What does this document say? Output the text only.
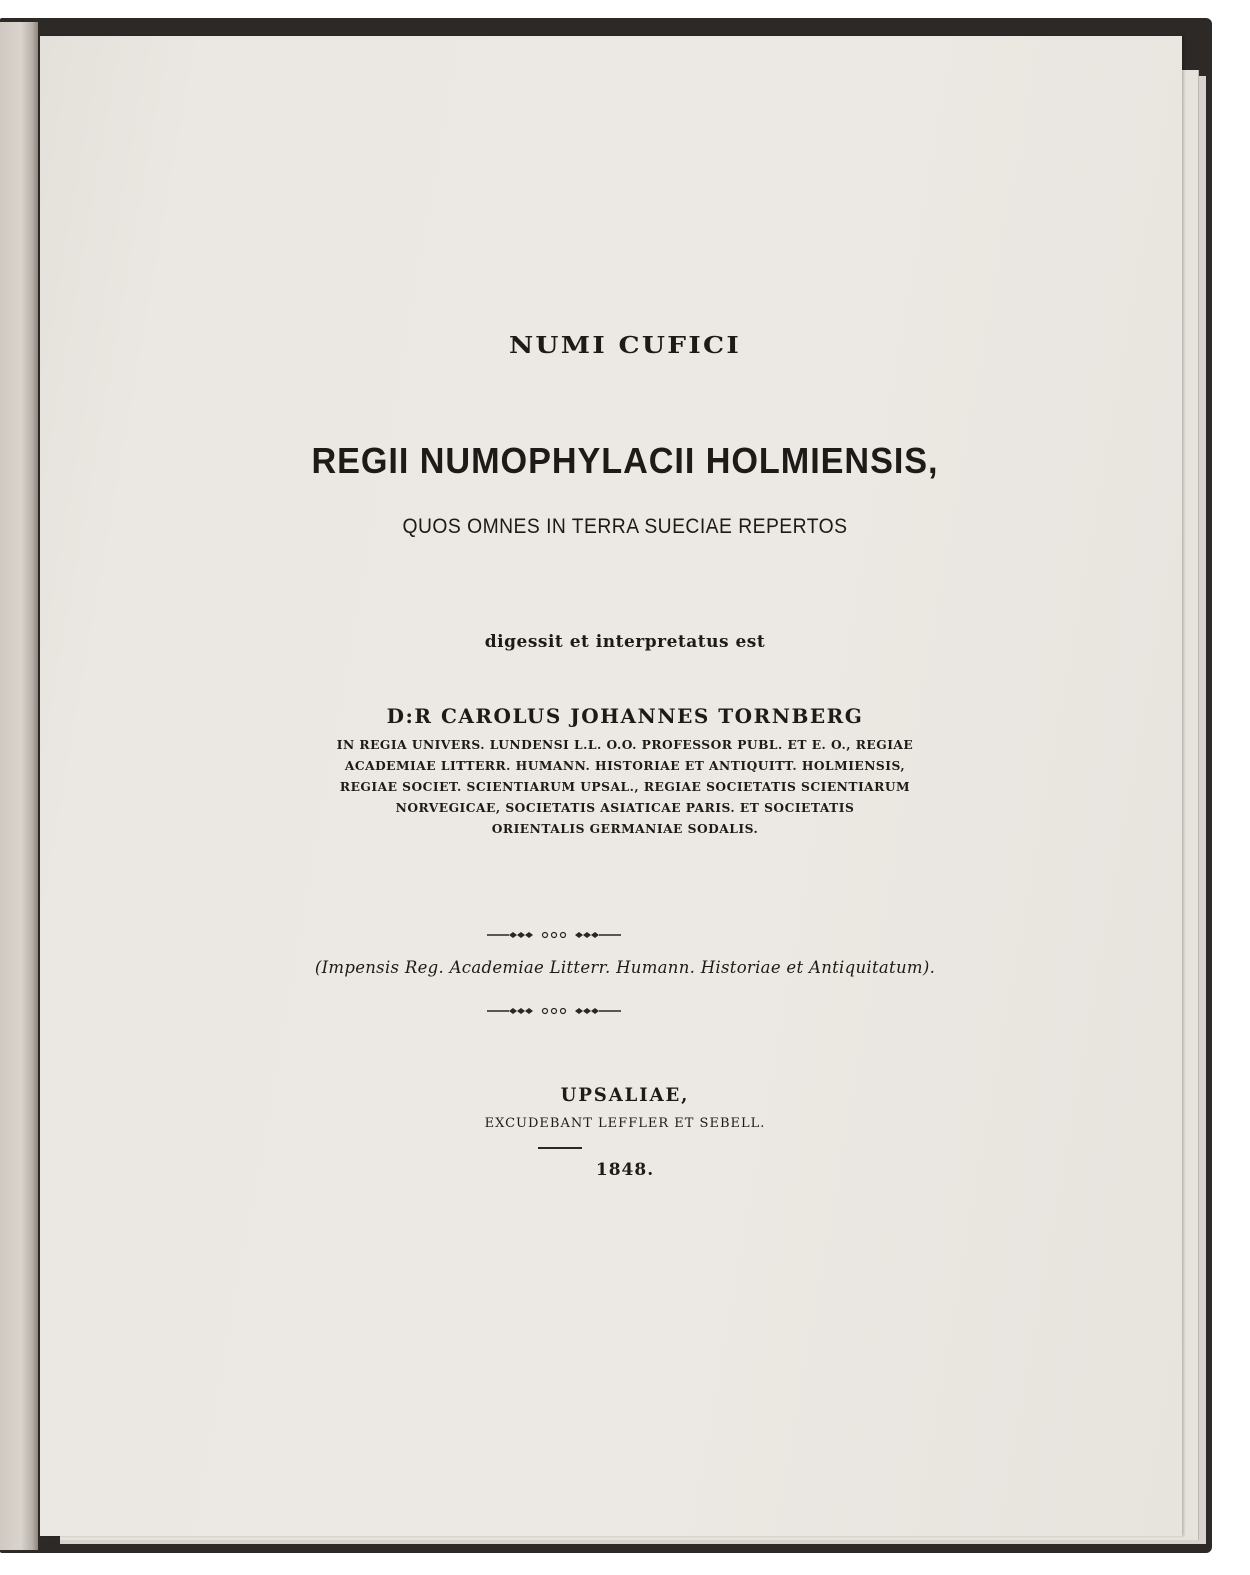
NUMI CUFICI
REGII NUMOPHYLACII HOLMIENSIS,
QUOS OMNES IN TERRA SUECIAE REPERTOS
digessit et interpretatus est
D:R CAROLUS JOHANNES TORNBERG
IN REGIA UNIVERS. LUNDENSI L.L. O.O. PROFESSOR PUBL. ET E. O., REGIAE
ACADEMIAE LITTERR. HUMANN. HISTORIAE ET ANTIQUITT. HOLMIENSIS,
REGIAE SOCIET. SCIENTIARUM UPSAL., REGIAE SOCIETATIS SCIENTIARUM
NORVEGICAE, SOCIETATIS ASIATICAE PARIS. ET SOCIETATIS
ORIENTALIS GERMANIAE SODALIS.
(Impensis Reg. Academiae Litterr. Humann. Historiae et Antiquitatum).
UPSALIAE,
EXCUDEBANT LEFFLER ET SEBELL.
1848.
